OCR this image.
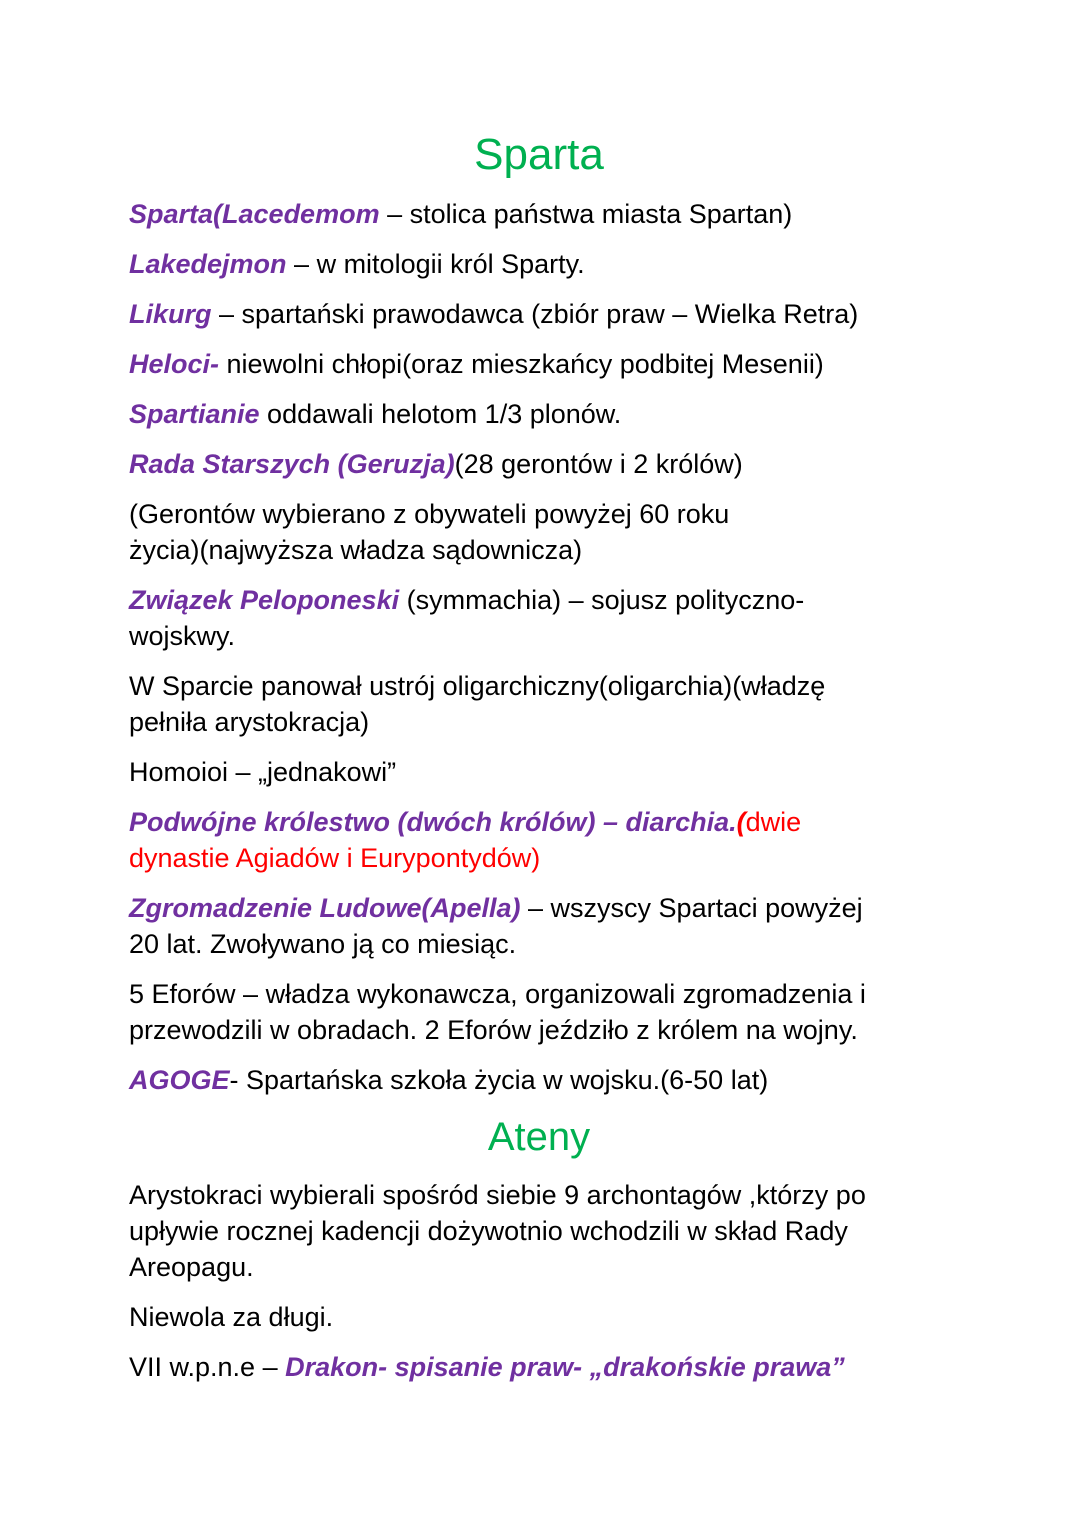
Sparta

Sparta(Lacedemom – stolica państwa miasta Spartan)

Lakedejmon – w mitologii król Sparty.

Likurg – spartański prawodawca (zbiór praw – Wielka Retra)

Heloci- niewolni chłopi(oraz mieszkańcy podbitej Mesenii)

Spartianie oddawali helotom 1/3 plonów.

Rada Starszych (Geruzja)(28 gerontów i 2 królów)

(Gerontów wybierano z obywateli powyżej 60 roku
życia)(najwyższa władza sądownicza)

Związek Peloponeski (symmachia) – sojusz polityczno-
wojskwy.

W Sparcie panował ustrój oligarchiczny(oligarchia)(władzę
pełniła arystokracja)

Homoioi – „jednakowi”

Podwójne królestwo (dwóch królów) – diarchia.(dwie
dynastie Agiadów i Eurypontydów)

Zgromadzenie Ludowe(Apella) – wszyscy Spartaci powyżej
20 lat. Zwoływano ją co miesiąc.

5 Eforów – władza wykonawcza, organizowali zgromadzenia i
przewodzili w obradach. 2 Eforów jeździło z królem na wojny.

AGOGE- Spartańska szkoła życia w wojsku.(6-50 lat)

Ateny

Arystokraci wybierali spośród siebie 9 archontagów ,którzy po
upływie rocznej kadencji dożywotnio wchodzili w skład Rady
Areopagu.

Niewola za długi.

VII w.p.n.e – Drakon- spisanie praw- „drakońskie prawa”
